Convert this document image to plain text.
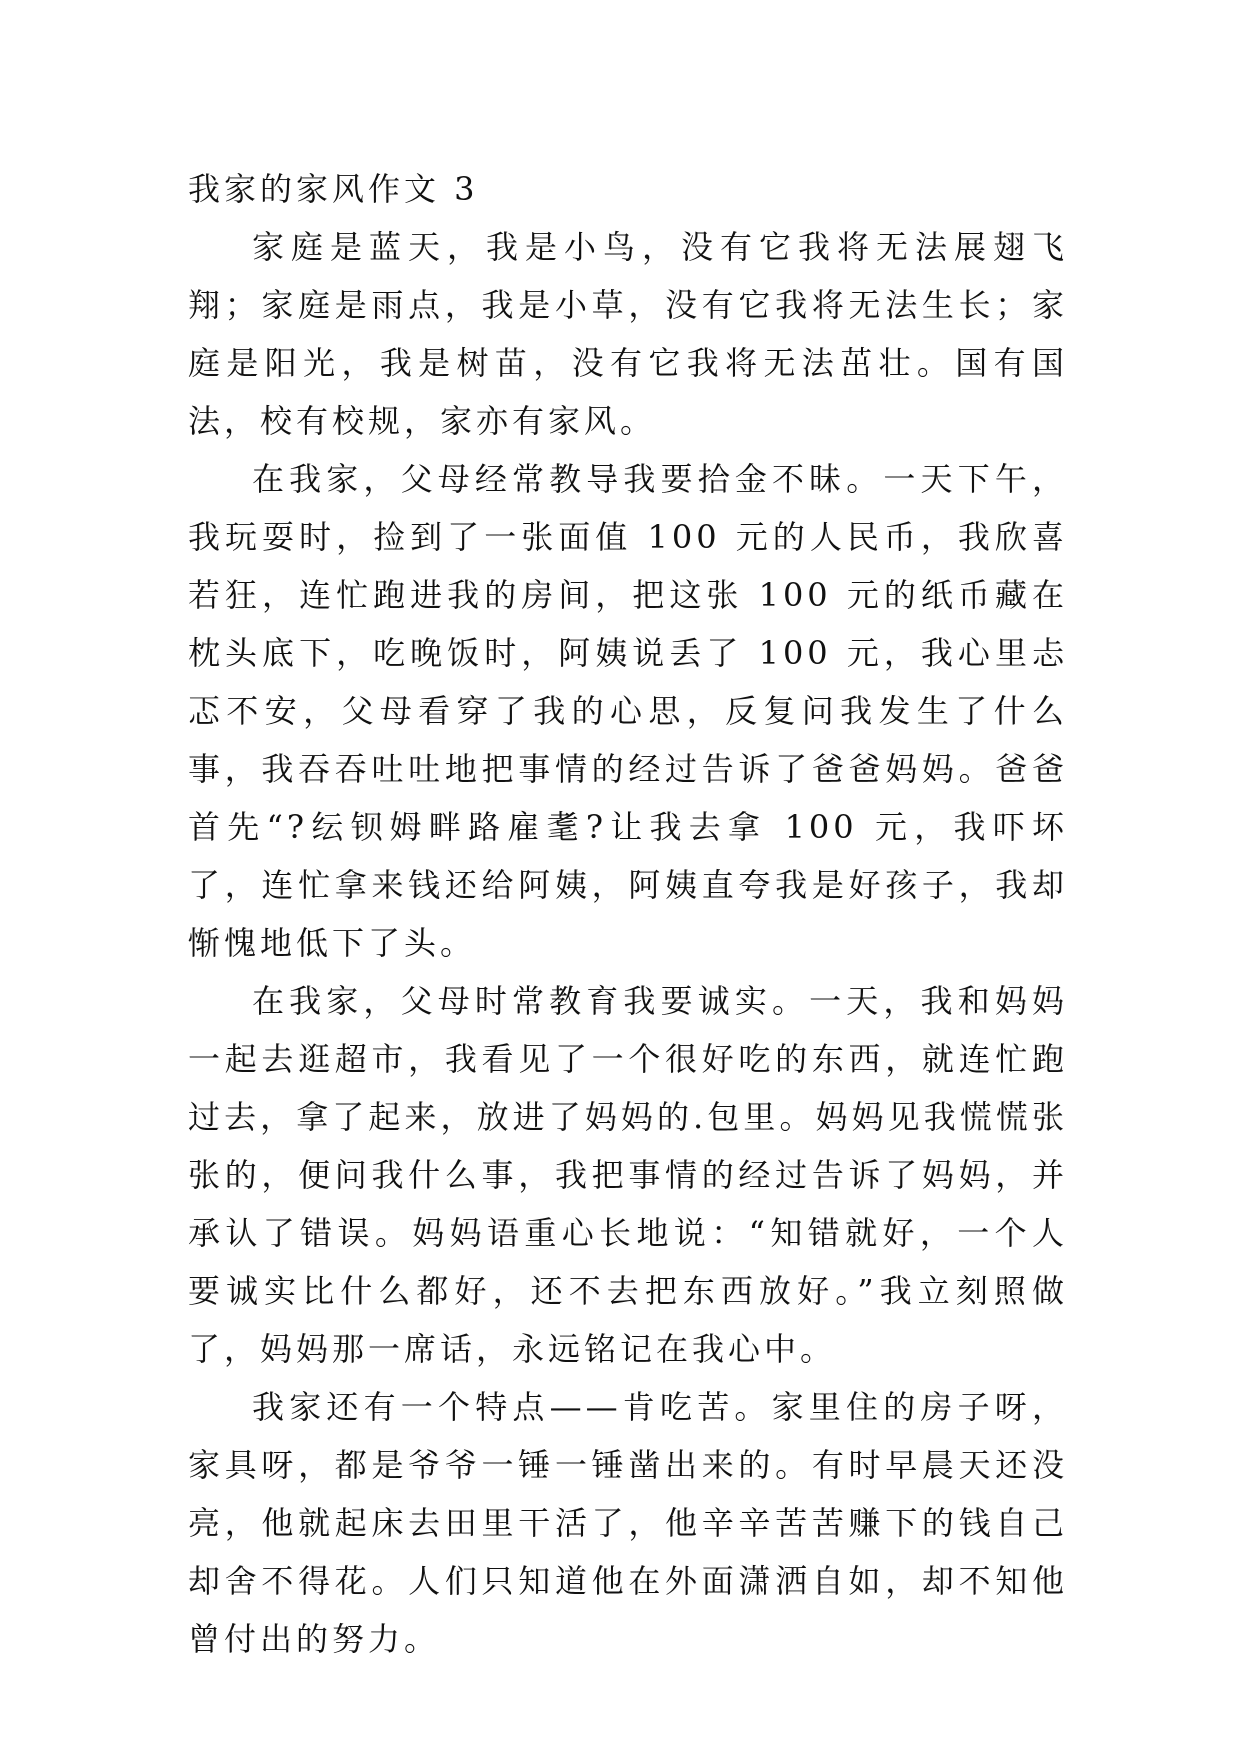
我家的家风作文 3

家庭是蓝天，我是小鸟，没有它我将无法展翅飞翔；家庭是雨点，我是小草，没有它我将无法生长；家庭是阳光，我是树苗，没有它我将无法茁壮。国有国法，校有校规，家亦有家风。

在我家，父母经常教导我要拾金不昧。一天下午，我玩耍时，捡到了一张面值 100 元的人民币，我欣喜若狂，连忙跑进我的房间，把这张 100 元的纸币藏在枕头底下，吃晚饭时，阿姨说丢了 100 元，我心里忐忑不安，父母看穿了我的心思，反复问我发生了什么事，我吞吞吐吐地把事情的经过告诉了爸爸妈妈。爸爸首先“?纭钡姆畔路雇耄?让我去拿 100 元，我吓坏了，连忙拿来钱还给阿姨，阿姨直夸我是好孩子，我却惭愧地低下了头。

在我家，父母时常教育我要诚实。一天，我和妈妈一起去逛超市，我看见了一个很好吃的东西，就连忙跑过去，拿了起来，放进了妈妈的.包里。妈妈见我慌慌张张的，便问我什么事，我把事情的经过告诉了妈妈，并承认了错误。妈妈语重心长地说：“知错就好，一个人要诚实比什么都好，还不去把东西放好。”我立刻照做了，妈妈那一席话，永远铭记在我心中。

我家还有一个特点——肯吃苦。家里住的房子呀，家具呀，都是爷爷一锤一锤凿出来的。有时早晨天还没亮，他就起床去田里干活了，他辛辛苦苦赚下的钱自己却舍不得花。人们只知道他在外面潇洒自如，却不知他曾付出的努力。
